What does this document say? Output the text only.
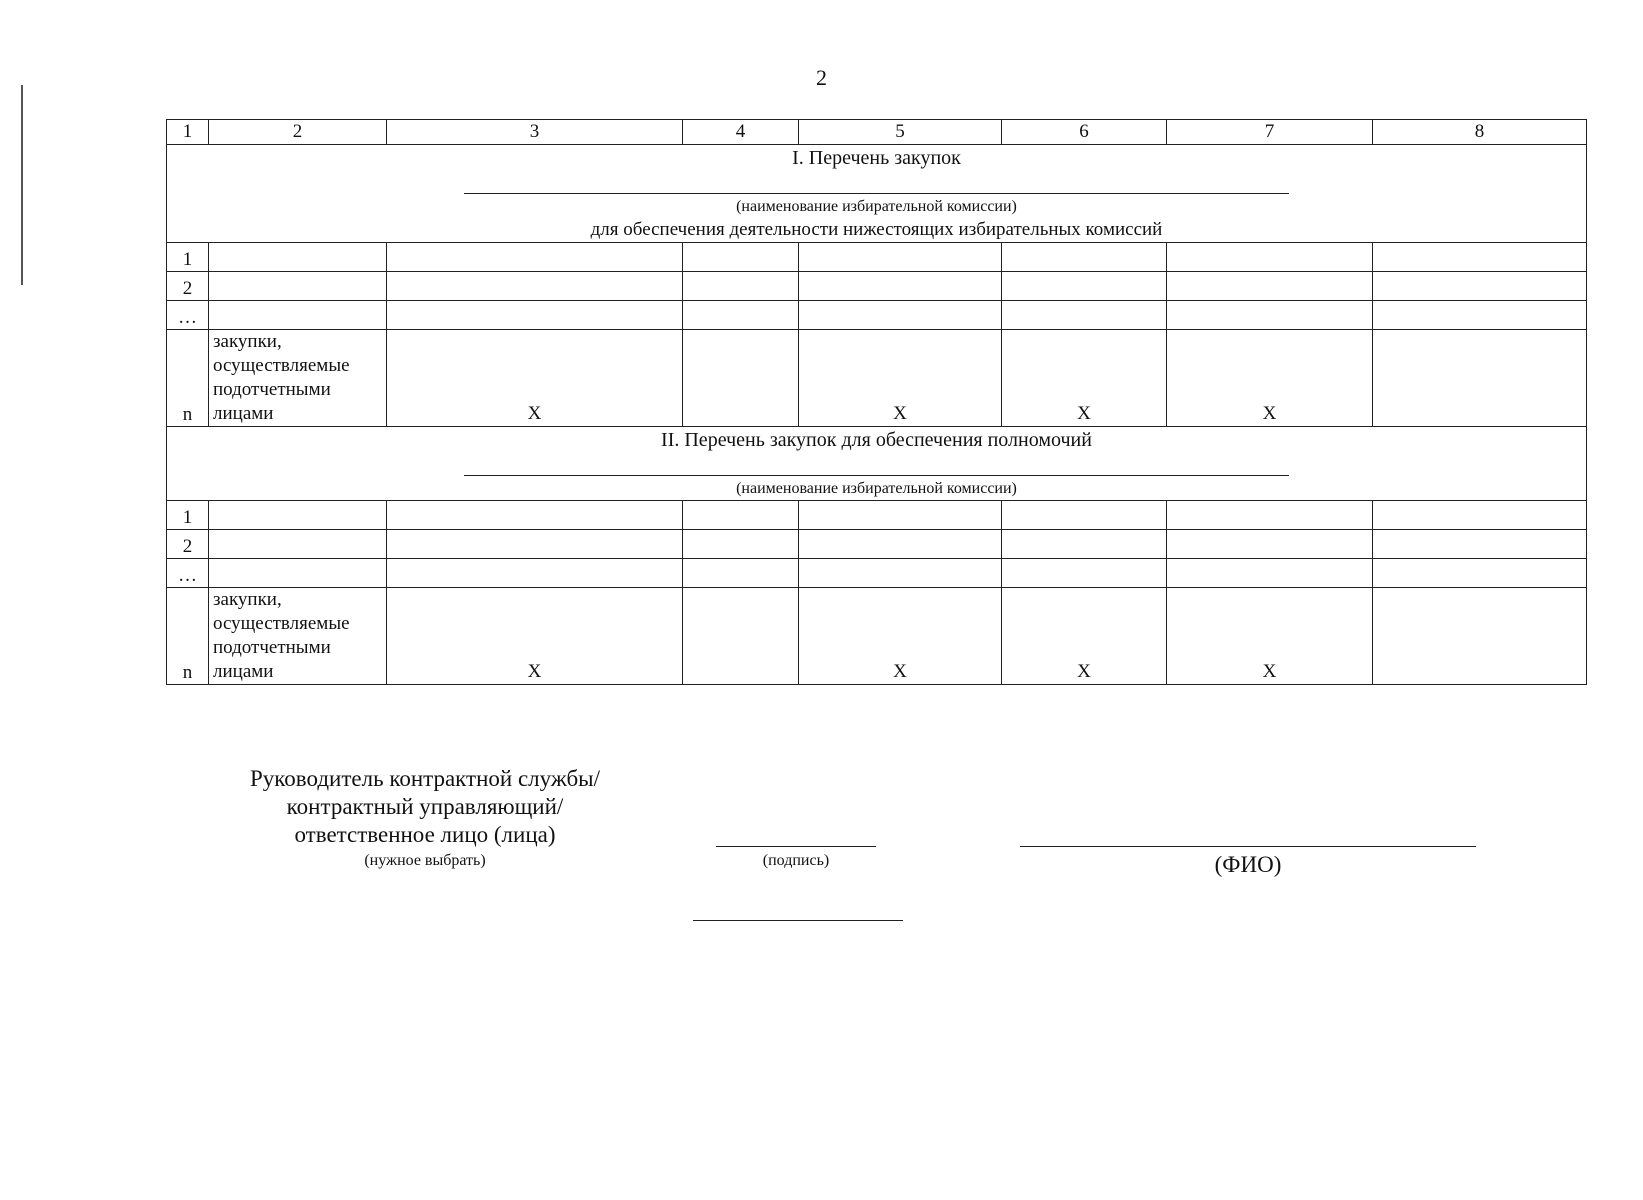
2
1	2	3	4	5	6	7	8

I. Перечень закупок
(наименование избирательной комиссии)
для обеспечения деятельности нижестоящих избирательных комиссий							

1							
2							
…							
n	закупки, осуществляемые подотчетными лицами	X		X	X	X	

II. Перечень закупок для обеспечения полномочий
(наименование избирательной комиссии)							

1							
2							
…							
n	закупки, осуществляемые подотчетными лицами	X		X	X	X	
Руководитель контрактной службы/
контрактный управляющий/
ответственное лицо (лица)
(нужное выбрать)	(подпись)	(ФИО)
